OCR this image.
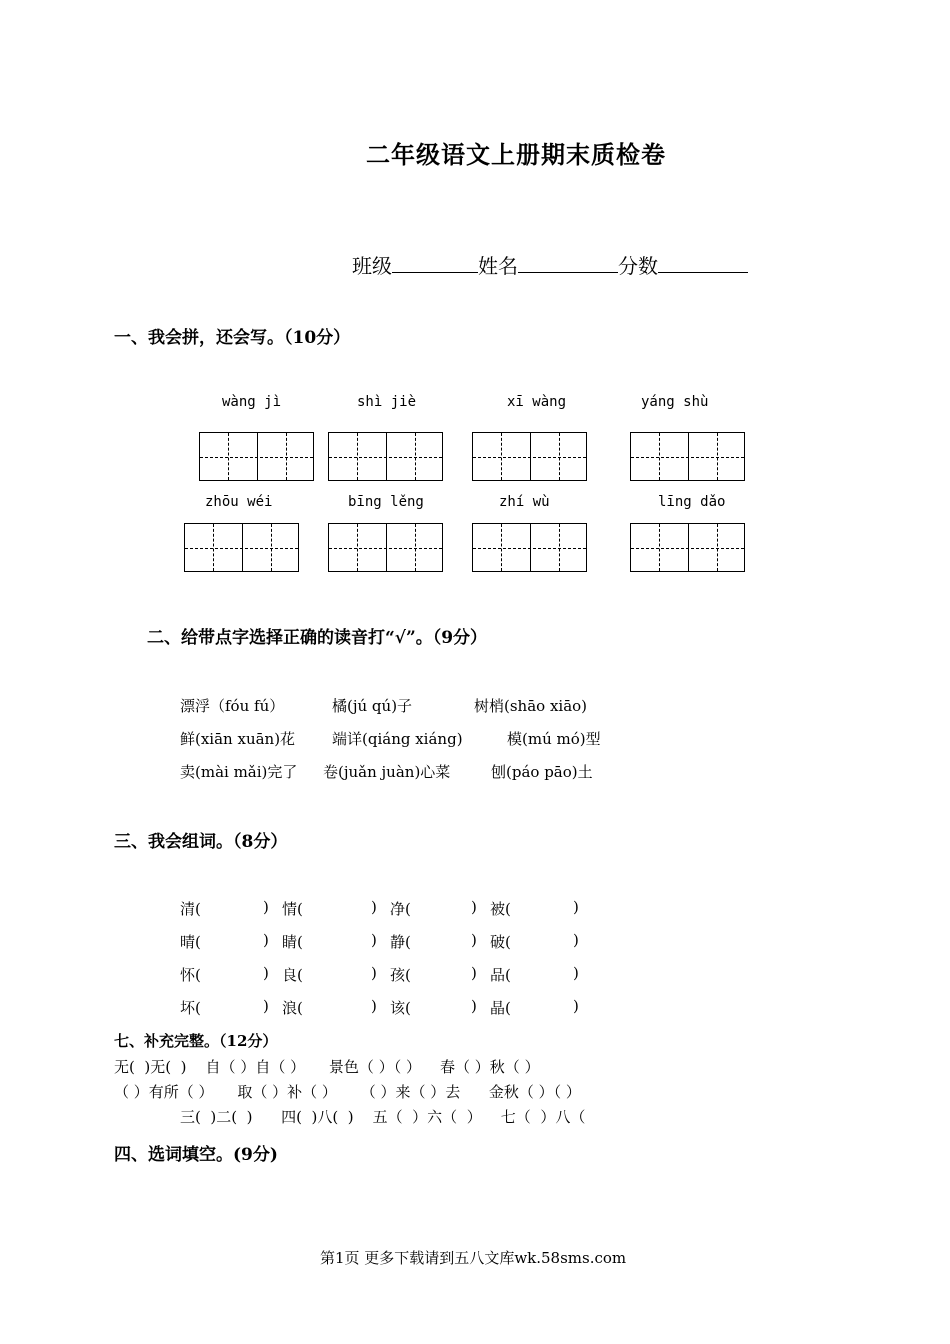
二年级语文上册期末质检卷
班级	姓名	分数
一、我会拼，还会写。（10分）
wàng jì	shì jiè	xī wàng	yáng shù
zhōu wéi	bīng lěng	zhí wù	līng dǎo
二、给带点字选择正确的读音打“√”。（9分）
漂浮（fóu fú）	橘(jú qú)子	树梢(shāo xiāo)
鲜(xiān xuān)花 端详(qiáng xiáng)	模(mú mó)型
卖(mài mǎi)完了 卷(juǎn juàn)心菜	刨(páo pāo)土
三、我会组词。（8分）
清(	) 情(	) 净(	) 被(	)
晴(	) 睛(	) 静(	) 破(	)
怀(	) 良(	) 孩(	) 品(	)
坏(	) 浪(	) 该(	) 晶(	)
七、补充完整。（12分）
无(  )无(  )    自（ ）自（ ）     景色（ ）（ ）    春（ ）秋（ ）
（ ）有所（ ）     取（ ）补（ ）     （ ）来（ ）去      金秋（ ）（ ）
三(  )二(  )      四(  )八(  )    五（  ）六（  ）    七（  ）八（
四、选词填空。(9分)
第1页 更多下载请到五八文库wk.58sms.com
